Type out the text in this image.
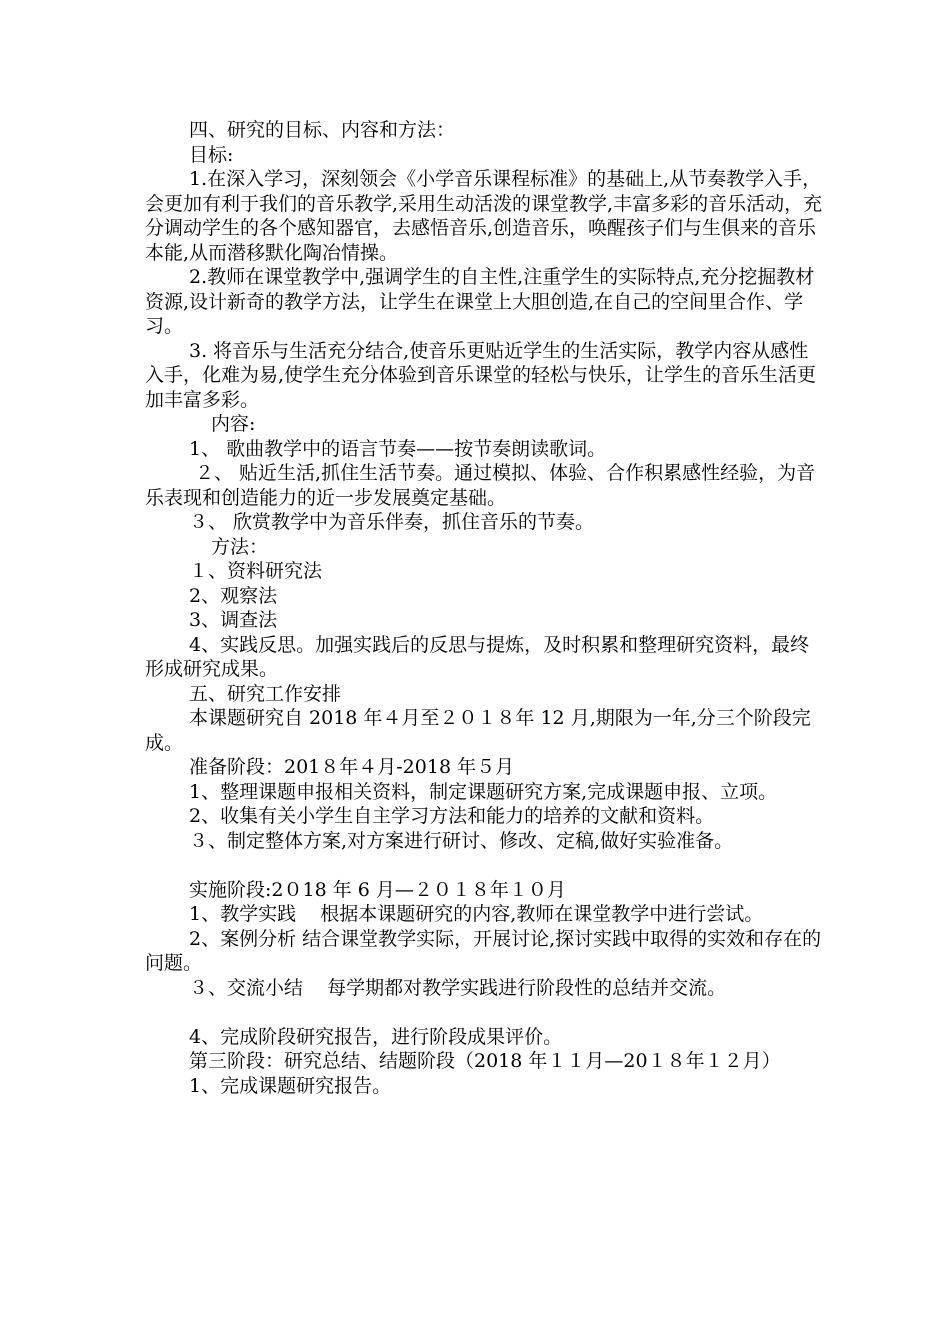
四、研究的目标、内容和方法：

目标:

1.在深入学习，深刻领会《小学音乐课程标准》的基础上,从节奏教学入手，会更加有利于我们的音乐教学,采用生动活泼的课堂教学,丰富多彩的音乐活动，充分调动学生的各个感知器官，去感悟音乐,创造音乐，唤醒孩子们与生俱来的音乐本能,从而潜移默化陶冶情操。

2.教师在课堂教学中,强调学生的自主性,注重学生的实际特点,充分挖掘教材资源,设计新奇的教学方法，让学生在课堂上大胆创造,在自己的空间里合作、学习。

3. 将音乐与生活充分结合,使音乐更贴近学生的生活实际，教学内容从感性入手，化难为易,使学生充分体验到音乐课堂的轻松与快乐，让学生的音乐生活更加丰富多彩。

内容:

1、 歌曲教学中的语言节奏——按节奏朗读歌词。

２、 贴近生活,抓住生活节奏。通过模拟、体验、合作积累感性经验，为音乐表现和创造能力的近一步发展奠定基础。

３、 欣赏教学中为音乐伴奏，抓住音乐的节奏。

方法：

１、资料研究法

2、观察法

3、调查法

4、实践反思。加强实践后的反思与提炼，及时积累和整理研究资料，最终形成研究成果。

五、研究工作安排

本课题研究自 2018 年４月至２０１８年 12 月,期限为一年,分三个阶段完成。

准备阶段：201８年４月-2018 年５月

1、整理课题申报相关资料，制定课题研究方案,完成课题申报、立项。

2、收集有关小学生自主学习方法和能力的培养的文献和资料。

３、制定整体方案,对方案进行研讨、修改、定稿,做好实验准备。

实施阶段:2０18 年 6 月—２０１８年１０月

1、教学实践    根据本课题研究的内容,教师在课堂教学中进行尝试。

2、案例分析 结合课堂教学实际，开展讨论,探讨实践中取得的实效和存在的问题。

３、交流小结    每学期都对教学实践进行阶段性的总结并交流。

4、完成阶段研究报告，进行阶段成果评价。

第三阶段：研究总结、结题阶段（2018 年１１月—20１８年１２月）

1、完成课题研究报告。
